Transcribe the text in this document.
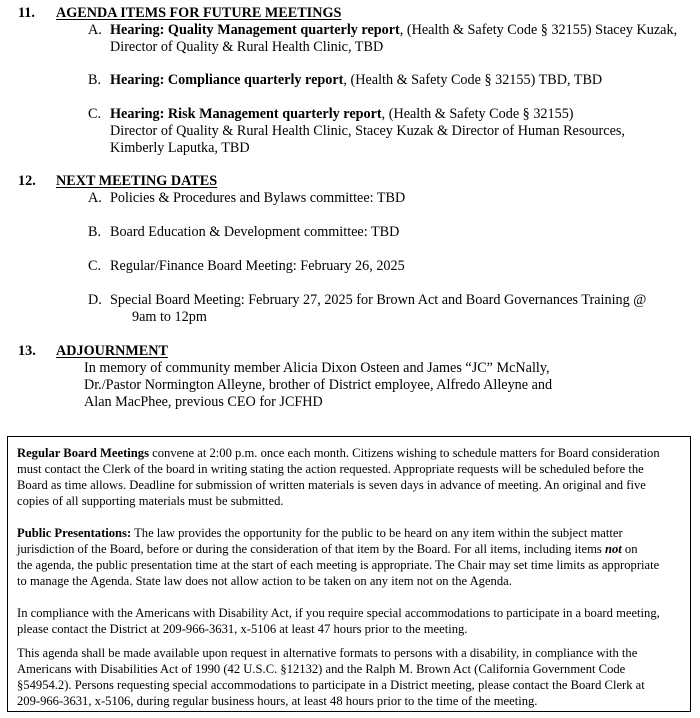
11. AGENDA ITEMS FOR FUTURE MEETINGS
A. Hearing: Quality Management quarterly report, (Health & Safety Code § 32155) Stacey Kuzak,
Director of Quality & Rural Health Clinic, TBD
B. Hearing: Compliance quarterly report, (Health & Safety Code § 32155) TBD, TBD
C. Hearing: Risk Management quarterly report, (Health & Safety Code § 32155)
Director of Quality & Rural Health Clinic, Stacey Kuzak & Director of Human Resources,
Kimberly Laputka, TBD
12. NEXT MEETING DATES
A. Policies & Procedures and Bylaws committee: TBD
B. Board Education & Development committee: TBD
C. Regular/Finance Board Meeting: February 26, 2025
D. Special Board Meeting: February 27, 2025 for Brown Act and Board Governances Training @
9am to 12pm
13. ADJOURNMENT
In memory of community member Alicia Dixon Osteen and James “JC” McNally,
Dr./Pastor Normington Alleyne, brother of District employee, Alfredo Alleyne and
Alan MacPhee, previous CEO for JCFHD
Regular Board Meetings convene at 2:00 p.m. once each month. Citizens wishing to schedule matters for Board consideration
must contact the Clerk of the board in writing stating the action requested. Appropriate requests will be scheduled before the
Board as time allows. Deadline for submission of written materials is seven days in advance of meeting. An original and five
copies of all supporting materials must be submitted.
Public Presentations: The law provides the opportunity for the public to be heard on any item within the subject matter
jurisdiction of the Board, before or during the consideration of that item by the Board. For all items, including items not on
the agenda, the public presentation time at the start of each meeting is appropriate. The Chair may set time limits as appropriate
to manage the Agenda. State law does not allow action to be taken on any item not on the Agenda.
In compliance with the Americans with Disability Act, if you require special accommodations to participate in a board meeting,
please contact the District at 209-966-3631, x-5106 at least 47 hours prior to the meeting.
This agenda shall be made available upon request in alternative formats to persons with a disability, in compliance with the
Americans with Disabilities Act of 1990 (42 U.S.C. §12132) and the Ralph M. Brown Act (California Government Code
§54954.2). Persons requesting special accommodations to participate in a District meeting, please contact the Board Clerk at
209-966-3631, x-5106, during regular business hours, at least 48 hours prior to the time of the meeting.
